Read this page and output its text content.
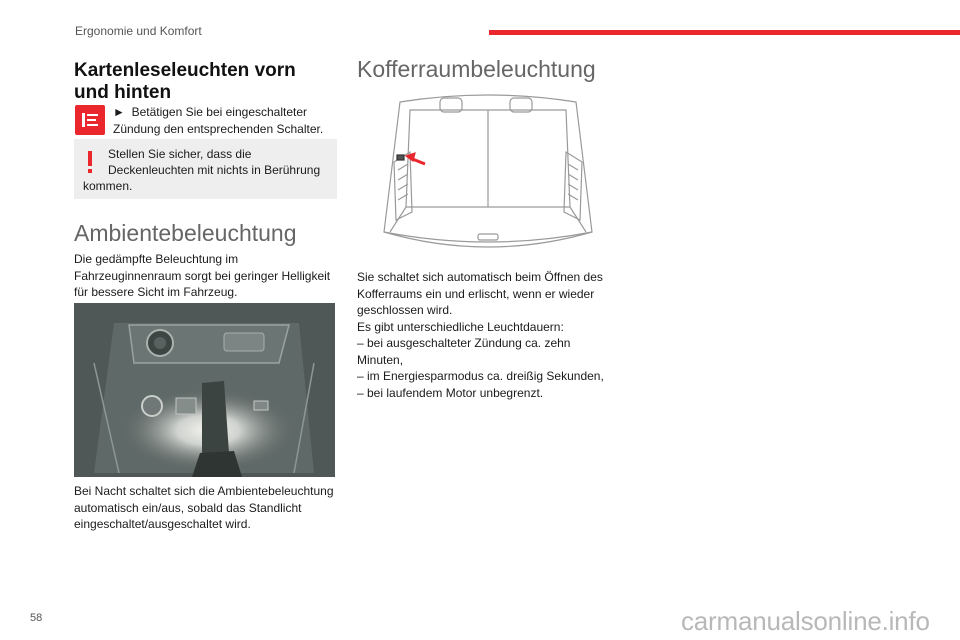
Ergonomie und Komfort
Kartenleseleuchten vorn
und hinten
► Betätigen Sie bei eingeschalteter
Zündung den entsprechenden Schalter.
Stellen Sie sicher, dass die
Deckenleuchten mit nichts in Berührung
kommen.
Ambientebeleuchtung
Die gedämpfte Beleuchtung im
Fahrzeuginnenraum sorgt bei geringer Helligkeit
für bessere Sicht im Fahrzeug.
Bei Nacht schaltet sich die Ambientebeleuchtung
automatisch ein/aus, sobald das Standlicht
eingeschaltet/ausgeschaltet wird.
Kofferraumbeleuchtung
Sie schaltet sich automatisch beim Öffnen des
Kofferraums ein und erlischt, wenn er wieder
geschlossen wird.
Es gibt unterschiedliche Leuchtdauern:
– bei ausgeschalteter Zündung ca. zehn
Minuten,
– im Energiesparmodus ca. dreißig Sekunden,
– bei laufendem Motor unbegrenzt.
58	carmanualsonline.info
